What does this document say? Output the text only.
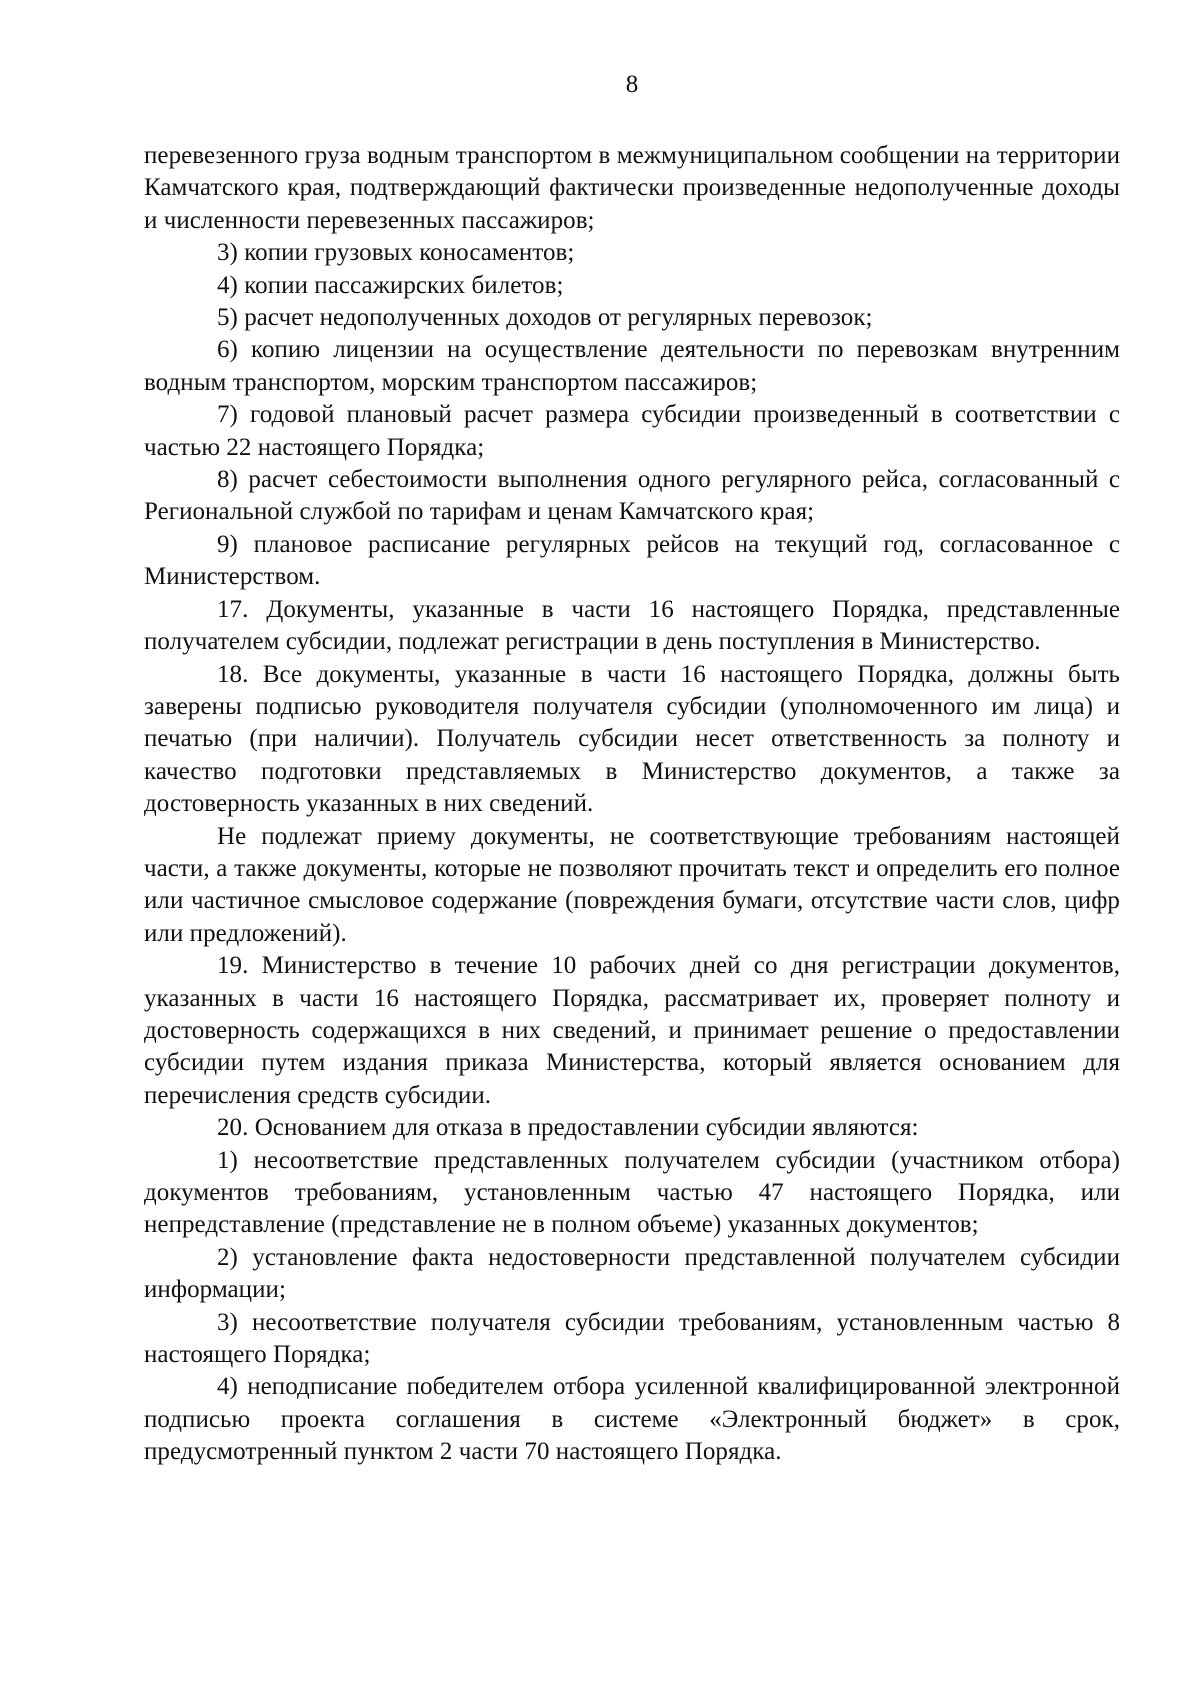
8

перевезенного груза водным транспортом в межмуниципальном сообщении на территории Камчатского края, подтверждающий фактически произведенные недополученные доходы и численности перевезенных пассажиров;

3) копии грузовых коносаментов;

4) копии пассажирских билетов;

5) расчет недополученных доходов от регулярных перевозок;

6) копию лицензии на осуществление деятельности по перевозкам внутренним водным транспортом, морским транспортом пассажиров;

7) годовой плановый расчет размера субсидии произведенный в соответствии с частью 22 настоящего Порядка;

8) расчет себестоимости выполнения одного регулярного рейса, согласованный с Региональной службой по тарифам и ценам Камчатского края;

9) плановое расписание регулярных рейсов на текущий год, согласованное с Министерством.

17. Документы, указанные в части 16 настоящего Порядка, представленные получателем субсидии, подлежат регистрации в день поступления в Министерство.

18. Все документы, указанные в части 16 настоящего Порядка, должны быть заверены подписью руководителя получателя субсидии (уполномоченного им лица) и печатью (при наличии). Получатель субсидии несет ответственность за полноту и качество подготовки представляемых в Министерство документов, а также за достоверность указанных в них сведений.

Не подлежат приему документы, не соответствующие требованиям настоящей части, а также документы, которые не позволяют прочитать текст и определить его полное или частичное смысловое содержание (повреждения бумаги, отсутствие части слов, цифр или предложений).

19. Министерство в течение 10 рабочих дней со дня регистрации документов, указанных в части 16 настоящего Порядка, рассматривает их, проверяет полноту и достоверность содержащихся в них сведений, и принимает решение о предоставлении субсидии путем издания приказа Министерства, который является основанием для перечисления средств субсидии.

20. Основанием для отказа в предоставлении субсидии являются:

1) несоответствие представленных получателем субсидии (участником отбора) документов требованиям, установленным частью 47 настоящего Порядка, или непредставление (представление не в полном объеме) указанных документов;

2) установление факта недостоверности представленной получателем субсидии информации;

3) несоответствие получателя субсидии требованиям, установленным частью 8 настоящего Порядка;

4) неподписание победителем отбора усиленной квалифицированной электронной подписью проекта соглашения в системе «Электронный бюджет» в срок, предусмотренный пунктом 2 части 70 настоящего Порядка.
